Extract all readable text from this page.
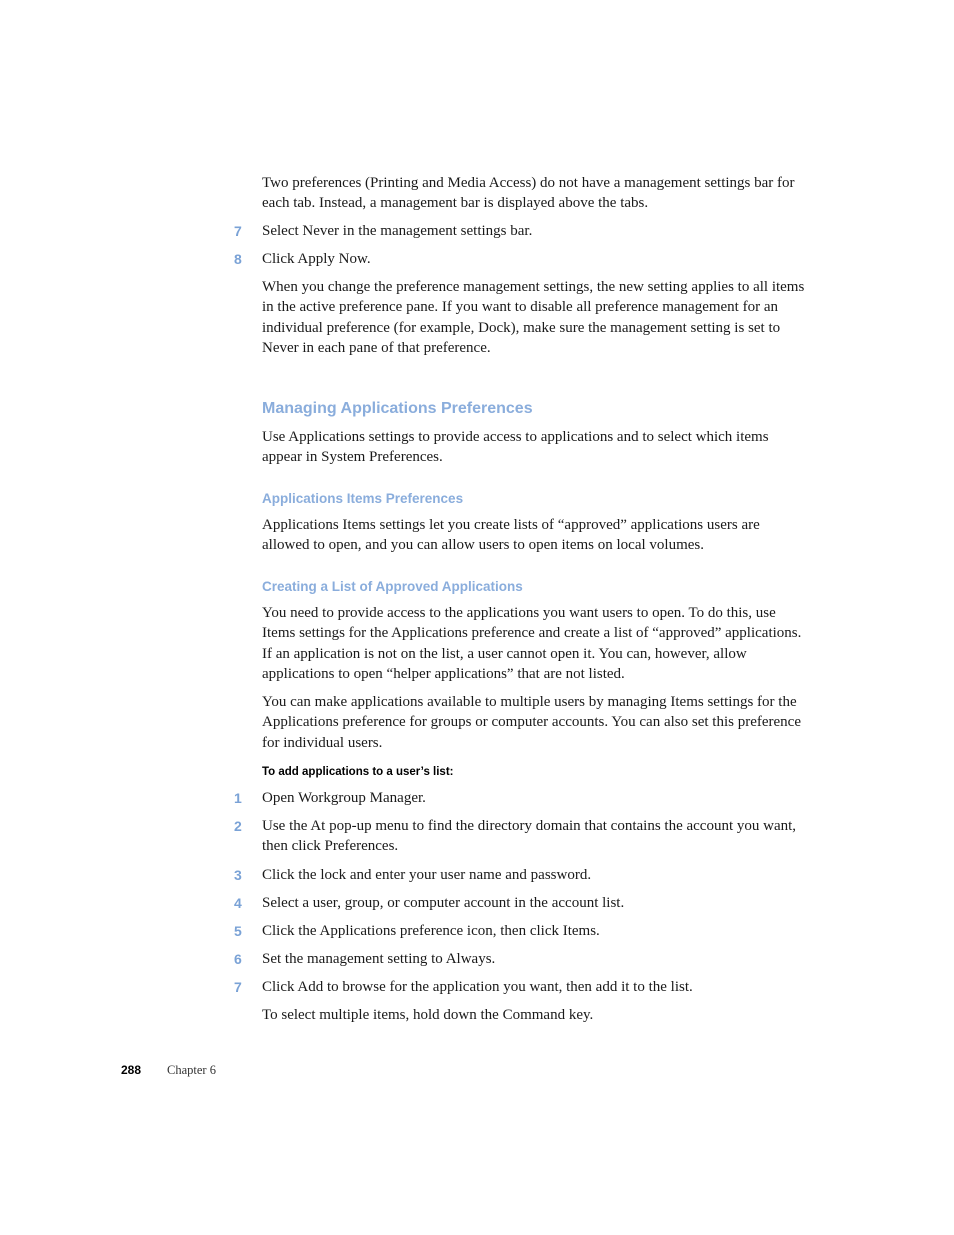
Two preferences (Printing and Media Access) do not have a management settings bar for each tab. Instead, a management bar is displayed above the tabs.

7 Select Never in the management settings bar.

8 Click Apply Now.

When you change the preference management settings, the new setting applies to all items in the active preference pane. If you want to disable all preference management for an individual preference (for example, Dock), make sure the management setting is set to Never in each pane of that preference.

Managing Applications Preferences

Use Applications settings to provide access to applications and to select which items appear in System Preferences.

Applications Items Preferences

Applications Items settings let you create lists of “approved” applications users are allowed to open, and you can allow users to open items on local volumes.

Creating a List of Approved Applications

You need to provide access to the applications you want users to open. To do this, use Items settings for the Applications preference and create a list of “approved” applications. If an application is not on the list, a user cannot open it. You can, however, allow applications to open “helper applications” that are not listed.

You can make applications available to multiple users by managing Items settings for the Applications preference for groups or computer accounts. You can also set this preference for individual users.

To add applications to a user’s list:
1 Open Workgroup Manager.

2 Use the At pop-up menu to find the directory domain that contains the account you want, then click Preferences.

3 Click the lock and enter your user name and password.

4 Select a user, group, or computer account in the account list.

5 Click the Applications preference icon, then click Items.

6 Set the management setting to Always.

7 Click Add to browse for the application you want, then add it to the list.

To select multiple items, hold down the Command key.

288 Chapter 6
